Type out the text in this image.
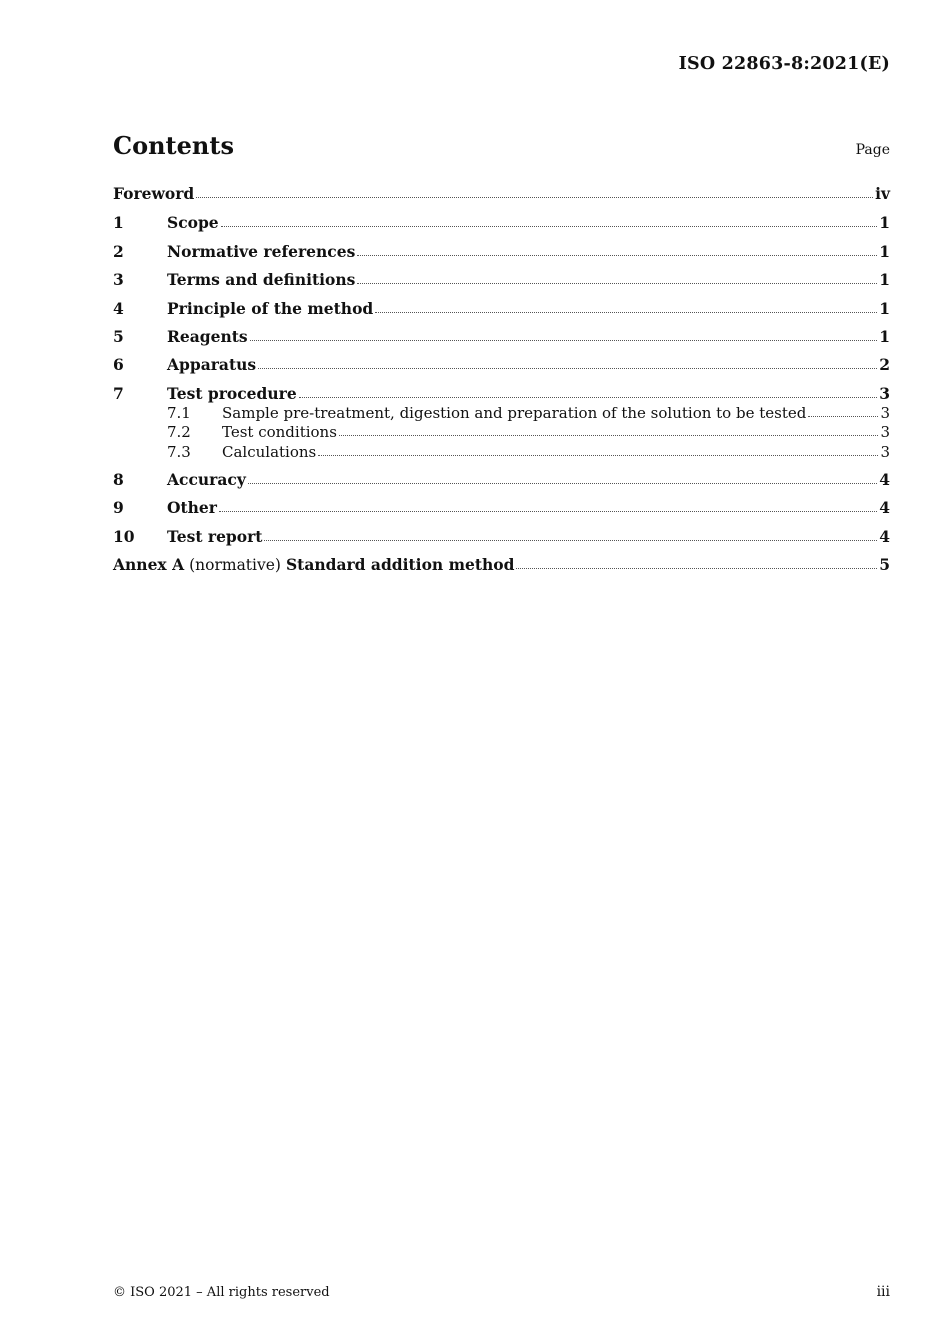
ISO 22863-8:2021(E)
Contents	Page
Foreword	iv
1	Scope	1
2	Normative references	1
3	Terms and definitions	1
4	Principle of the method	1
5	Reagents	1
6	Apparatus	2
7	Test procedure	3
7.1	Sample pre-treatment, digestion and preparation of the solution to be tested	3
7.2	Test conditions	3
7.3	Calculations	3
8	Accuracy	4
9	Other	4
10	Test report	4
Annex A (normative) Standard addition method	5
© ISO 2021 – All rights reserved	iii
